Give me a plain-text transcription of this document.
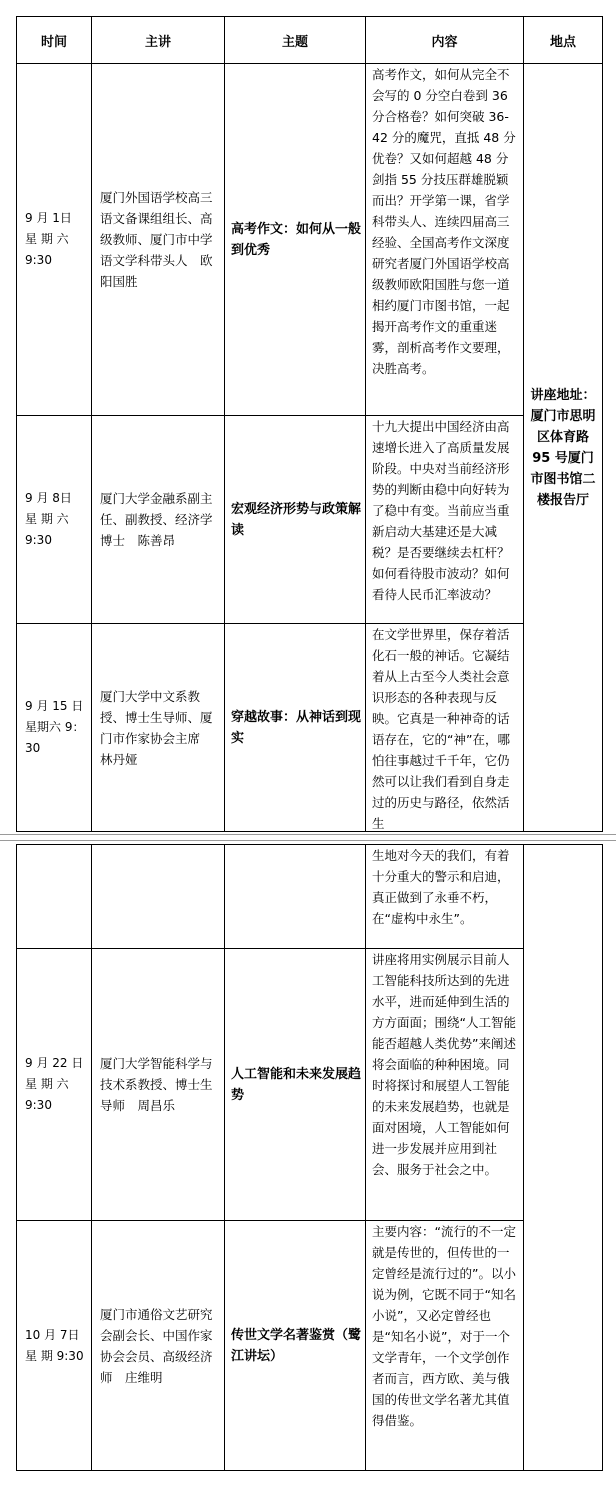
时间	主讲	主题	内容	地点
9 月 1日 星 期 六 9:30	厦门外国语学校高三语文备课组组长、高级教师、厦门市中学语文学科带头人　欧阳国胜	高考作文：如何从一般到优秀	高考作文，如何从完全不会写的 0 分空白卷到 36 分合格卷？如何突破 36-42 分的魔咒，直抵 48 分优卷？又如何超越 48 分剑指 55 分技压群雄脱颖而出？开学第一课，省学科带头人、连续四届高三经验、全国高考作文深度研究者厦门外国语学校高级教师欧阳国胜与您一道相约厦门市图书馆，一起揭开高考作文的重重迷雾，剖析高考作文要理，决胜高考。	讲座地址：厦门市思明区体育路 95 号厦门市图书馆二楼报告厅
9 月 8日 星 期 六 9:30	厦门大学金融系副主任、副教授、经济学博士　陈善昂	宏观经济形势与政策解读	十九大提出中国经济由高速增长进入了高质量发展阶段。中央对当前经济形势的判断由稳中向好转为了稳中有变。当前应当重新启动大基建还是大减税？是否要继续去杠杆？如何看待股市波动？如何看待人民币汇率波动？	
9 月 15 日 星期六 9：30	厦门大学中文系教授、博士生导师、厦门市作家协会主席　林丹娅	穿越故事：从神话到现实	在文学世界里，保存着活化石一般的神话。它凝结着从上古至今人类社会意识形态的各种表现与反映。它真是一种神奇的话语存在，它的“神”在，哪怕往事越过千千年，它仍然可以让我们看到自身走过的历史与路径，依然活生	
			生地对今天的我们，有着十分重大的警示和启迪，真正做到了永垂不朽，在“虚构中永生”。	
9 月 22 日 星 期 六 9:30	厦门大学智能科学与技术系教授、博士生导师　周昌乐	人工智能和未来发展趋势	讲座将用实例展示目前人工智能科技所达到的先进水平，进而延伸到生活的方方面面；围绕“人工智能能否超越人类优势”来阐述将会面临的种种困境。同时将探讨和展望人工智能的未来发展趋势，也就是面对困境，人工智能如何进一步发展并应用到社会、服务于社会之中。	
10 月 7日 星 期 9:30	厦门市通俗文艺研究会副会长、中国作家协会会员、高级经济师　庄维明	传世文学名著鉴赏（鹭江讲坛）	主要内容：“流行的不一定就是传世的，但传世的一定曾经是流行过的”。以小说为例，它既不同于“知名小说”，又必定曾经也是“知名小说”，对于一个文学青年，一个文学创作者而言，西方欧、美与俄国的传世文学名著尤其值得借鉴。	
